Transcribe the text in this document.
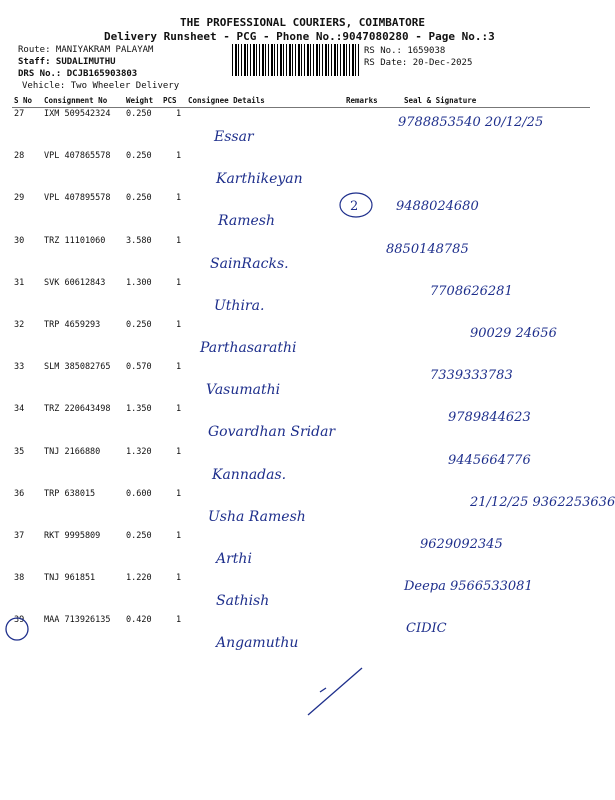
THE PROFESSIONAL COURIERS, COIMBATORE
Delivery Runsheet - PCG - Phone No.:9047080280 - Page No.:3
Route: MANIYAKRAM PALAYAM
Staff: SUDALIMUTHU
DRS No.: DCJB165903803
Vehicle: Two Wheeler Delivery
RS No.: 1659038
RS Date: 20-Dec-2025
S No Consignment No	Weight PCS Consignee Details	Remarks	Seal & Signature
27 IXM 509542324 0.250	1
Essar
9788853540 20/12/25
28 VPL 407865578 0.250	1
Karthikeyan
29 VPL 407895578 0.250	1
Ramesh
9488024680
30 TRZ 11101060 3.580	1
SainRacks.
8850148785
31 SVK 60612843 1.300	1
Uthira.
7708626281
32 TRP 4659293	0.250	1
Parthasarathi
90029 24656
33 SLM 385082765 0.570	1
Vasumathi
7339333783
34 TRZ 220643498 1.350	1
Govardhan Sridar
9789844623
35 TNJ 2166880	1.320	1
Kannadas.
9445664776
36 TRP 638015	0.600	1
Usha Ramesh
21/12/25 9362253636
37 RKT 9995809	0.250	1
Arthi
9629092345
38 TNJ 961851	1.220	1
Sathish
Deepa 9566533081
39 MAA 713926135 0.420	1
Angamuthu
CIDIC
2
